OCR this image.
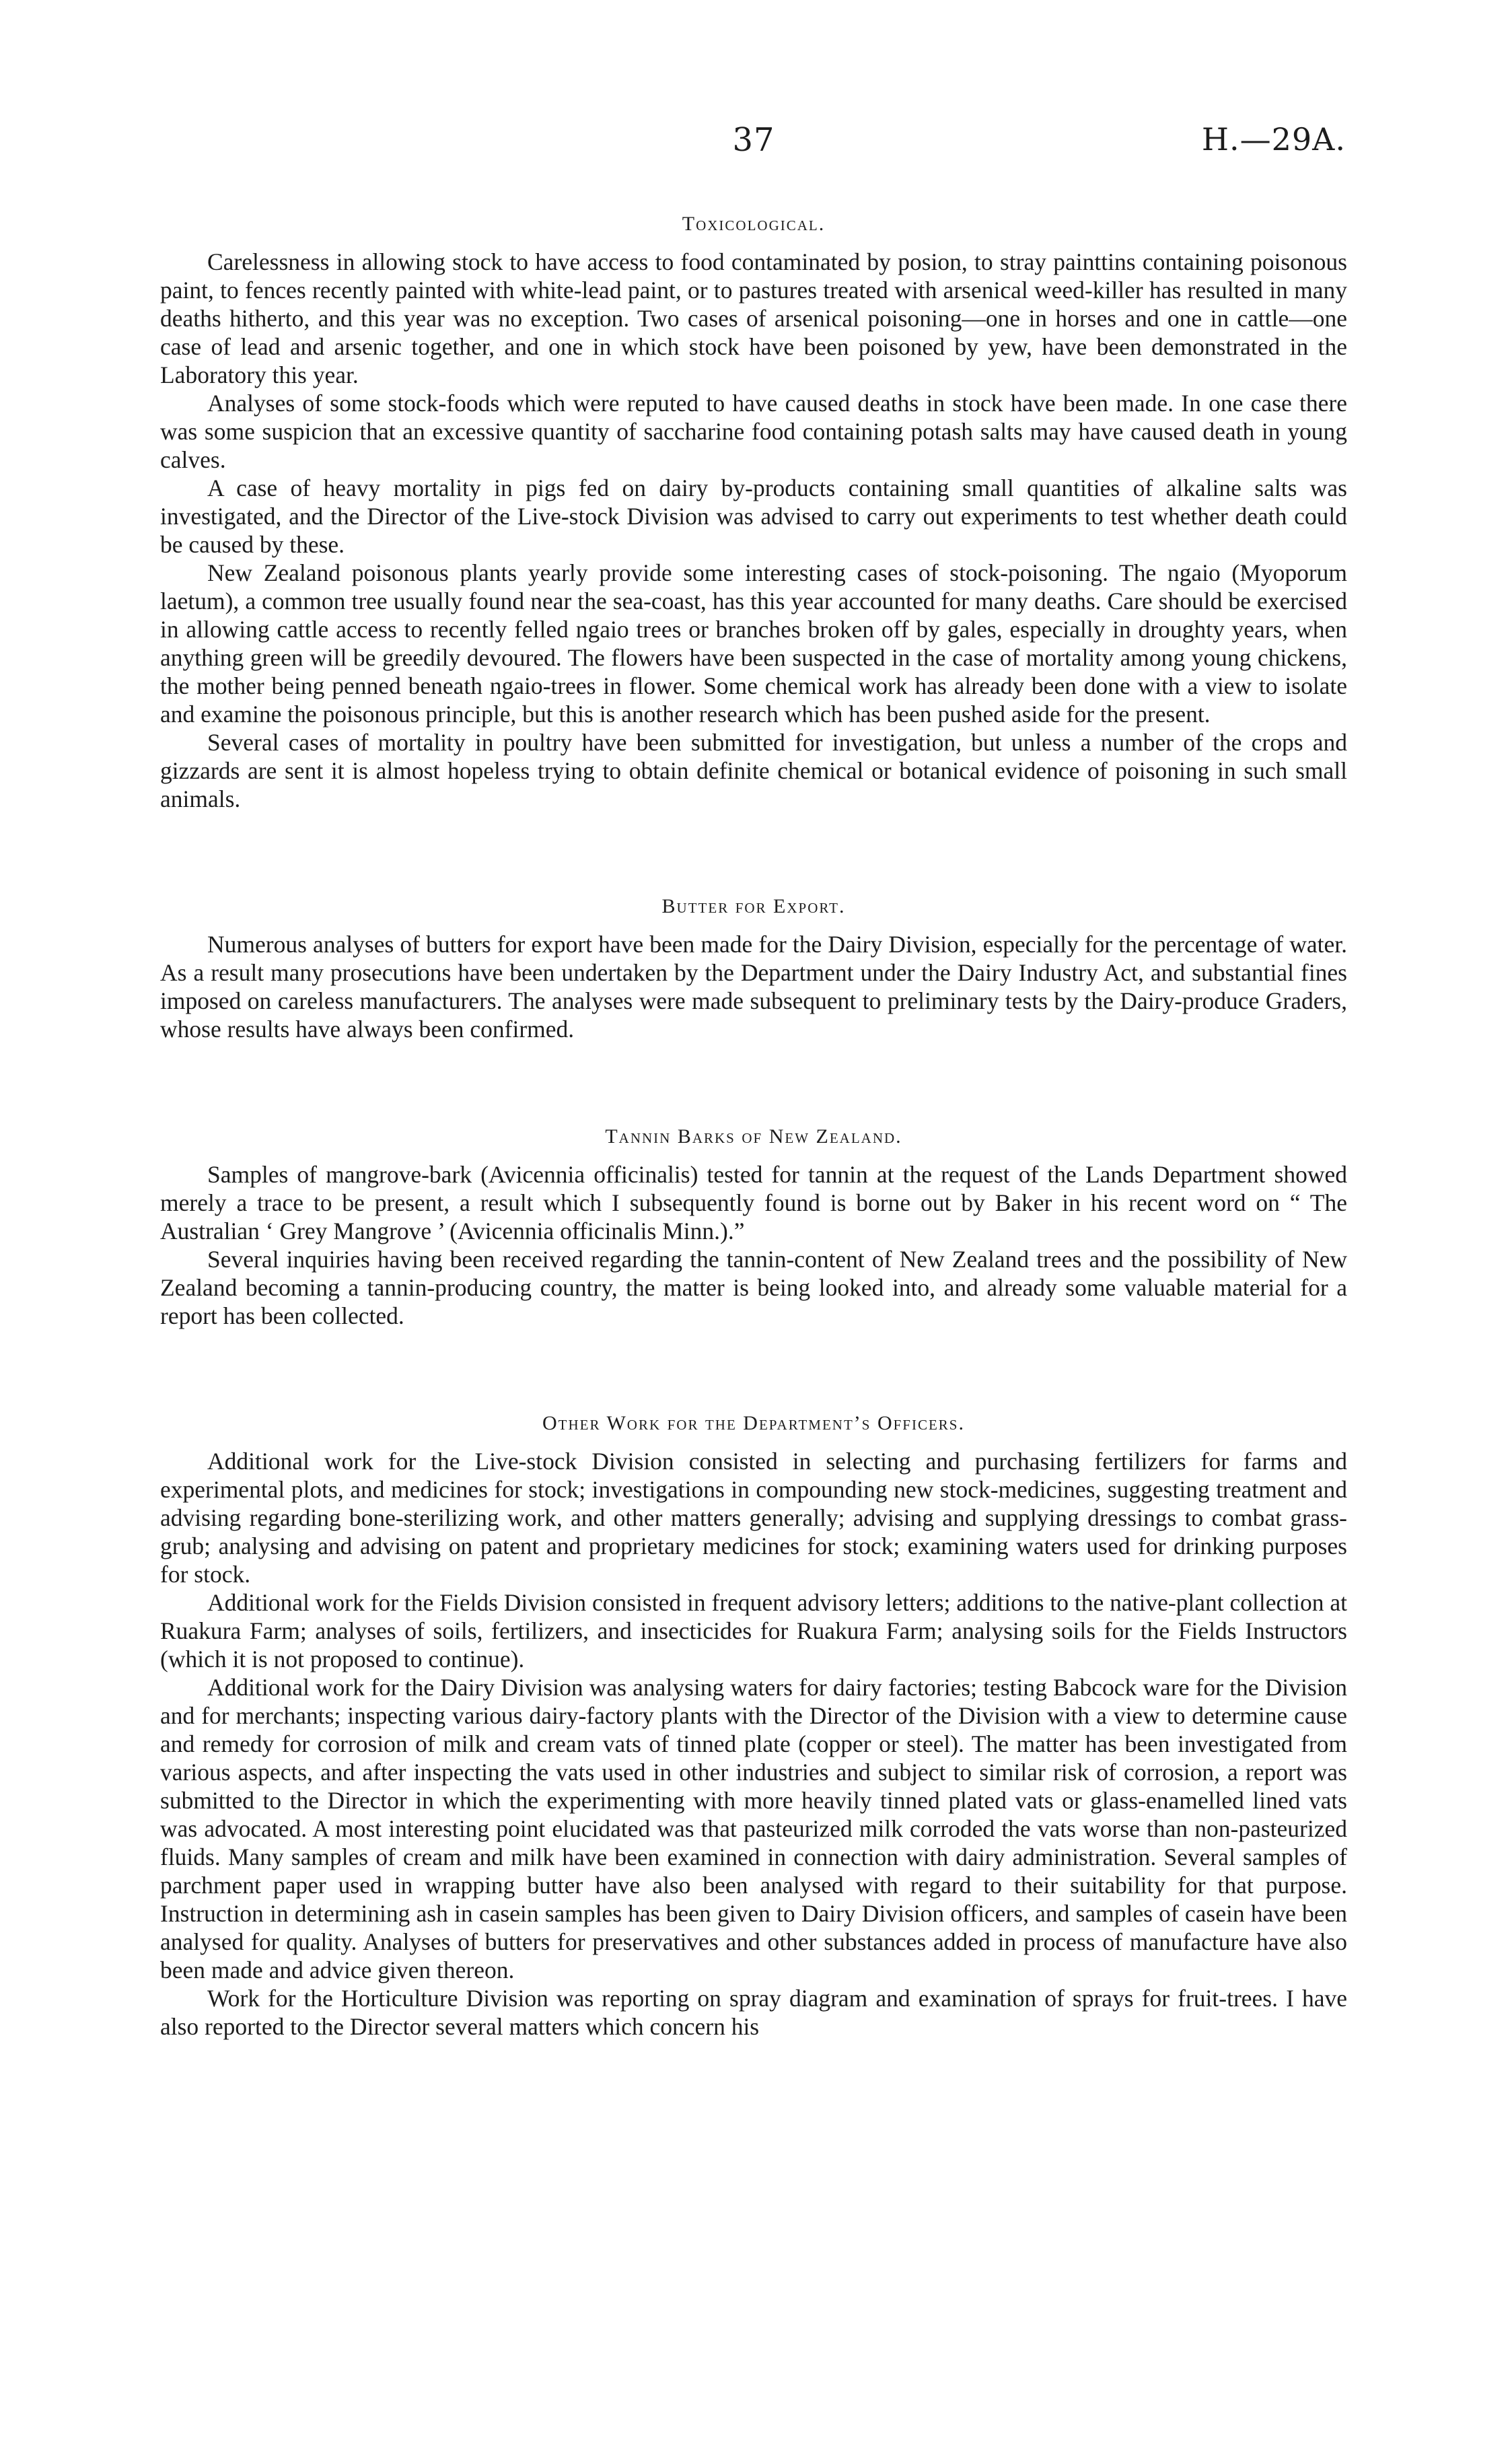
37	H.—29A.
Toxicological.

Carelessness in allowing stock to have access to food contaminated by posion, to stray painttins containing poisonous paint, to fences recently painted with white-lead paint, or to pastures treated with arsenical weed-killer has resulted in many deaths hitherto, and this year was no exception. Two cases of arsenical poisoning—one in horses and one in cattle—one case of lead and arsenic together, and one in which stock have been poisoned by yew, have been demonstrated in the Laboratory this year.

Analyses of some stock-foods which were reputed to have caused deaths in stock have been made. In one case there was some suspicion that an excessive quantity of saccharine food containing potash salts may have caused death in young calves.

A case of heavy mortality in pigs fed on dairy by-products containing small quantities of alkaline salts was investigated, and the Director of the Live-stock Division was advised to carry out experiments to test whether death could be caused by these.

New Zealand poisonous plants yearly provide some interesting cases of stock-poisoning. The ngaio (Myoporum laetum), a common tree usually found near the sea-coast, has this year accounted for many deaths. Care should be exercised in allowing cattle access to recently felled ngaio trees or branches broken off by gales, especially in droughty years, when anything green will be greedily devoured. The flowers have been suspected in the case of mortality among young chickens, the mother being penned beneath ngaio-trees in flower. Some chemical work has already been done with a view to isolate and examine the poisonous principle, but this is another research which has been pushed aside for the present.

Several cases of mortality in poultry have been submitted for investigation, but unless a number of the crops and gizzards are sent it is almost hopeless trying to obtain definite chemical or botanical evidence of poisoning in such small animals.

Butter for Export.

Numerous analyses of butters for export have been made for the Dairy Division, especially for the percentage of water. As a result many prosecutions have been undertaken by the Department under the Dairy Industry Act, and substantial fines imposed on careless manufacturers. The analyses were made subsequent to preliminary tests by the Dairy-produce Graders, whose results have always been confirmed.

Tannin Barks of New Zealand.

Samples of mangrove-bark (Avicennia officinalis) tested for tannin at the request of the Lands Department showed merely a trace to be present, a result which I subsequently found is borne out by Baker in his recent word on “ The Australian ‘ Grey Mangrove ’ (Avicennia officinalis Minn.).”

Several inquiries having been received regarding the tannin-content of New Zealand trees and the possibility of New Zealand becoming a tannin-producing country, the matter is being looked into, and already some valuable material for a report has been collected.

Other Work for the Department’s Officers.

Additional work for the Live-stock Division consisted in selecting and purchasing fertilizers for farms and experimental plots, and medicines for stock; investigations in compounding new stock-medicines, suggesting treatment and advising regarding bone-sterilizing work, and other matters generally; advising and supplying dressings to combat grass-grub; analysing and advising on patent and proprietary medicines for stock; examining waters used for drinking purposes for stock.

Additional work for the Fields Division consisted in frequent advisory letters; additions to the native-plant collection at Ruakura Farm; analyses of soils, fertilizers, and insecticides for Ruakura Farm; analysing soils for the Fields Instructors (which it is not proposed to continue).

Additional work for the Dairy Division was analysing waters for dairy factories; testing Babcock ware for the Division and for merchants; inspecting various dairy-factory plants with the Director of the Division with a view to determine cause and remedy for corrosion of milk and cream vats of tinned plate (copper or steel). The matter has been investigated from various aspects, and after inspecting the vats used in other industries and subject to similar risk of corrosion, a report was submitted to the Director in which the experimenting with more heavily tinned plated vats or glass-enamelled lined vats was advocated. A most interesting point elucidated was that pasteurized milk corroded the vats worse than non-pasteurized fluids. Many samples of cream and milk have been examined in connection with dairy administration. Several samples of parchment paper used in wrapping butter have also been analysed with regard to their suitability for that purpose. Instruction in determining ash in casein samples has been given to Dairy Division officers, and samples of casein have been analysed for quality. Analyses of butters for preservatives and other substances added in process of manufacture have also been made and advice given thereon.

Work for the Horticulture Division was reporting on spray diagram and examination of sprays for fruit-trees. I have also reported to the Director several matters which concern his
